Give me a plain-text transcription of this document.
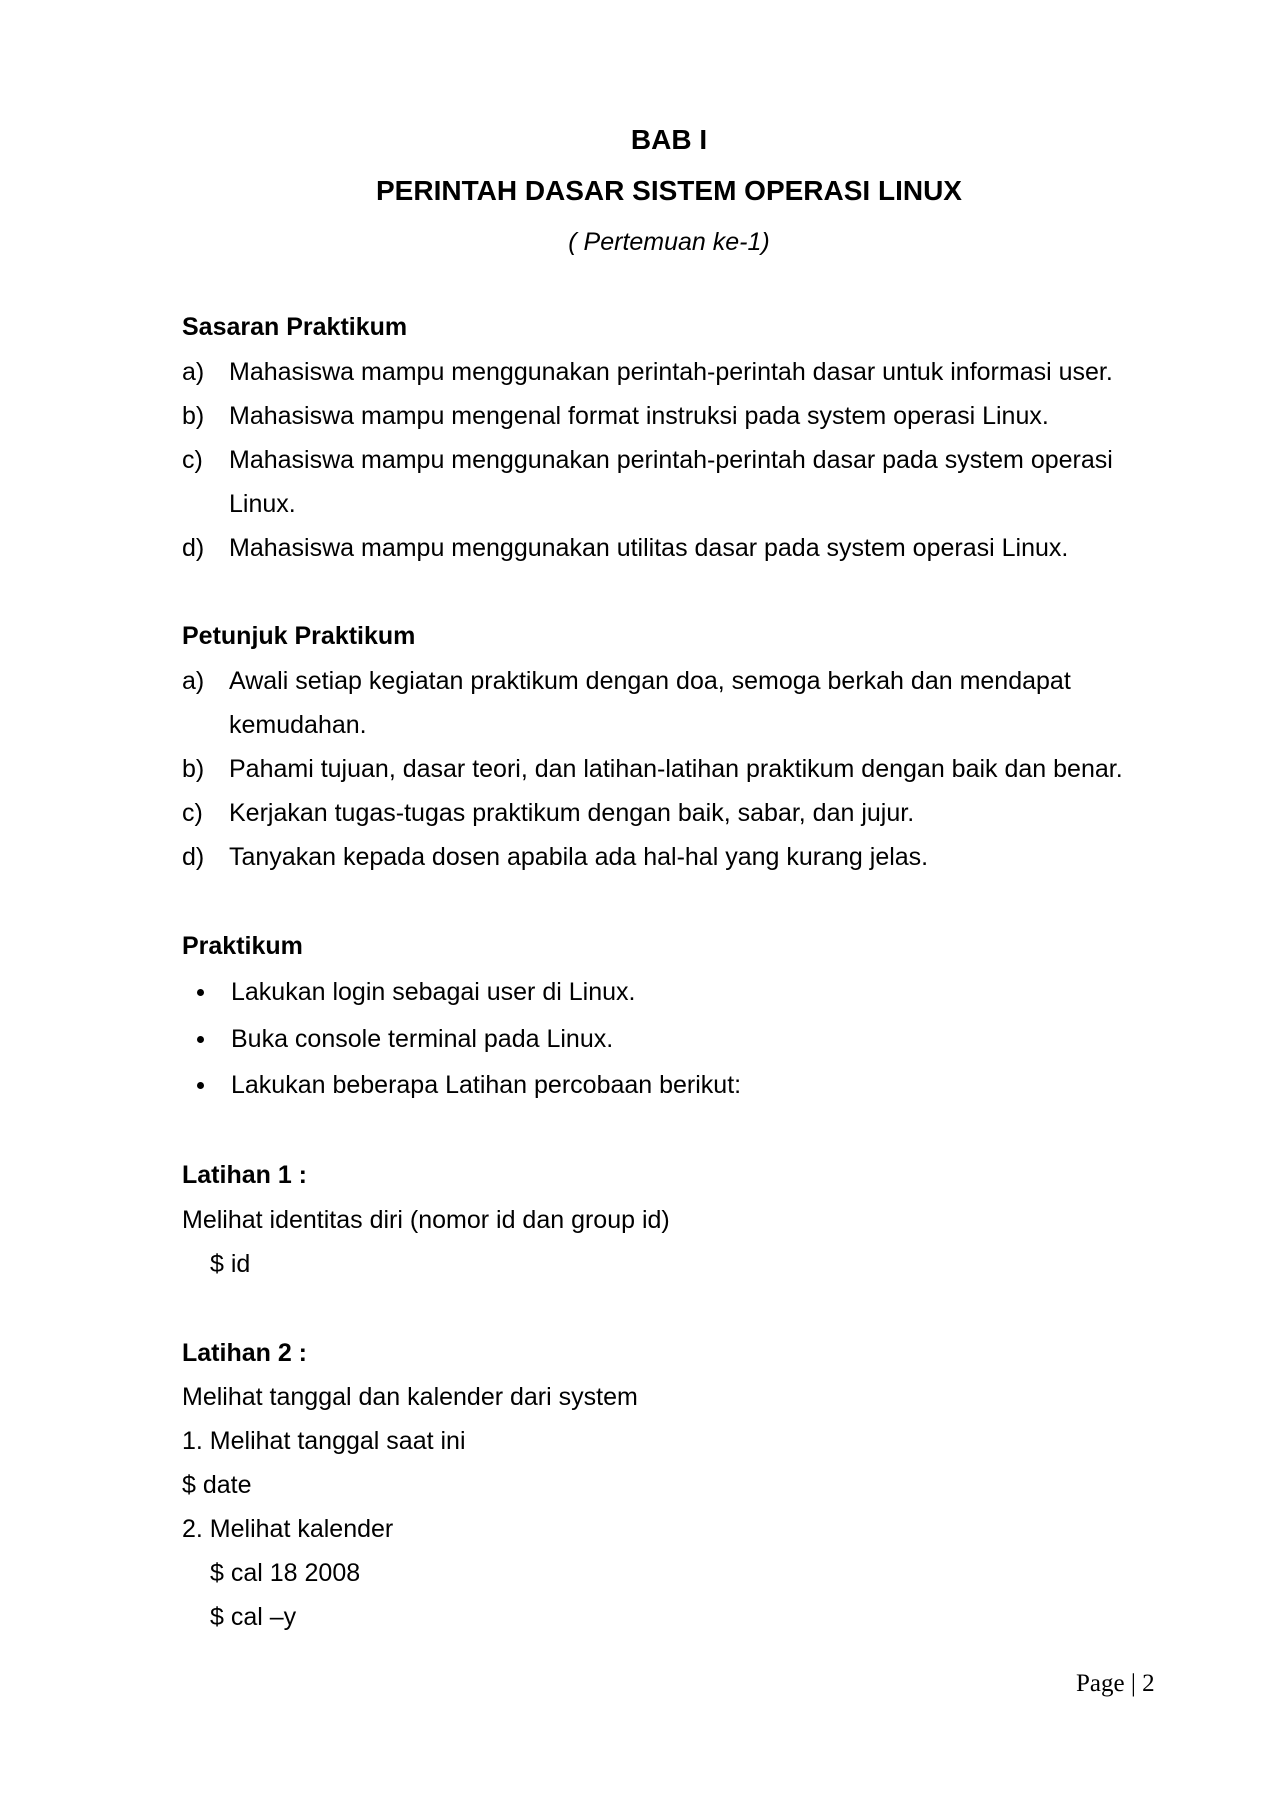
BAB I
PERINTAH DASAR SISTEM OPERASI LINUX
( Pertemuan ke-1)
Sasaran Praktikum
a) Mahasiswa mampu menggunakan perintah-perintah dasar untuk informasi user.
b) Mahasiswa mampu mengenal format instruksi pada system operasi Linux.
c) Mahasiswa mampu menggunakan perintah-perintah dasar pada system operasi
Linux.
d) Mahasiswa mampu menggunakan utilitas dasar pada system operasi Linux.
Petunjuk Praktikum
a) Awali setiap kegiatan praktikum dengan doa, semoga berkah dan mendapat
kemudahan.
b) Pahami tujuan, dasar teori, dan latihan-latihan praktikum dengan baik dan benar.
c) Kerjakan tugas-tugas praktikum dengan baik, sabar, dan jujur.
d) Tanyakan kepada dosen apabila ada hal-hal yang kurang jelas.
Praktikum
Lakukan login sebagai user di Linux.
Buka console terminal pada Linux.
Lakukan beberapa Latihan percobaan berikut:
Latihan 1 :
Melihat identitas diri (nomor id dan group id)
$ id
Latihan 2 :
Melihat tanggal dan kalender dari system
1. Melihat tanggal saat ini
$ date
2. Melihat kalender
$ cal 18 2008
$ cal –y
Page | 2
